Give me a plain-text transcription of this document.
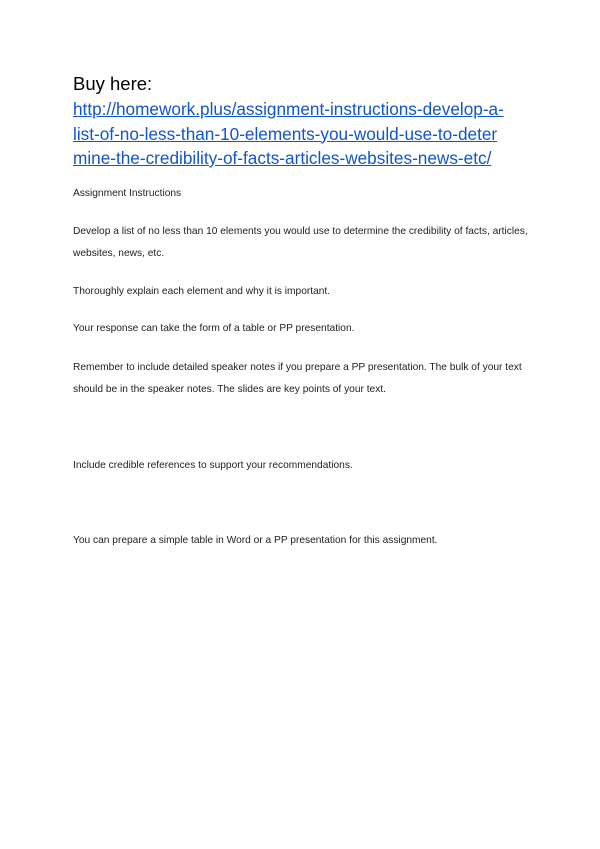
Buy here:
http://homework.plus/assignment-instructions-develop-a-
list-of-no-less-than-10-elements-you-would-use-to-deter
mine-the-credibility-of-facts-articles-websites-news-etc/

Assignment Instructions

Develop a list of no less than 10 elements you would use to determine the credibility of facts, articles, websites, news, etc.

Thoroughly explain each element and why it is important.

Your response can take the form of a table or PP presentation.

Remember to include detailed speaker notes if you prepare a PP presentation. The bulk of your text should be in the speaker notes. The slides are key points of your text.

Include credible references to support your recommendations.

You can prepare a simple table in Word or a PP presentation for this assignment.
